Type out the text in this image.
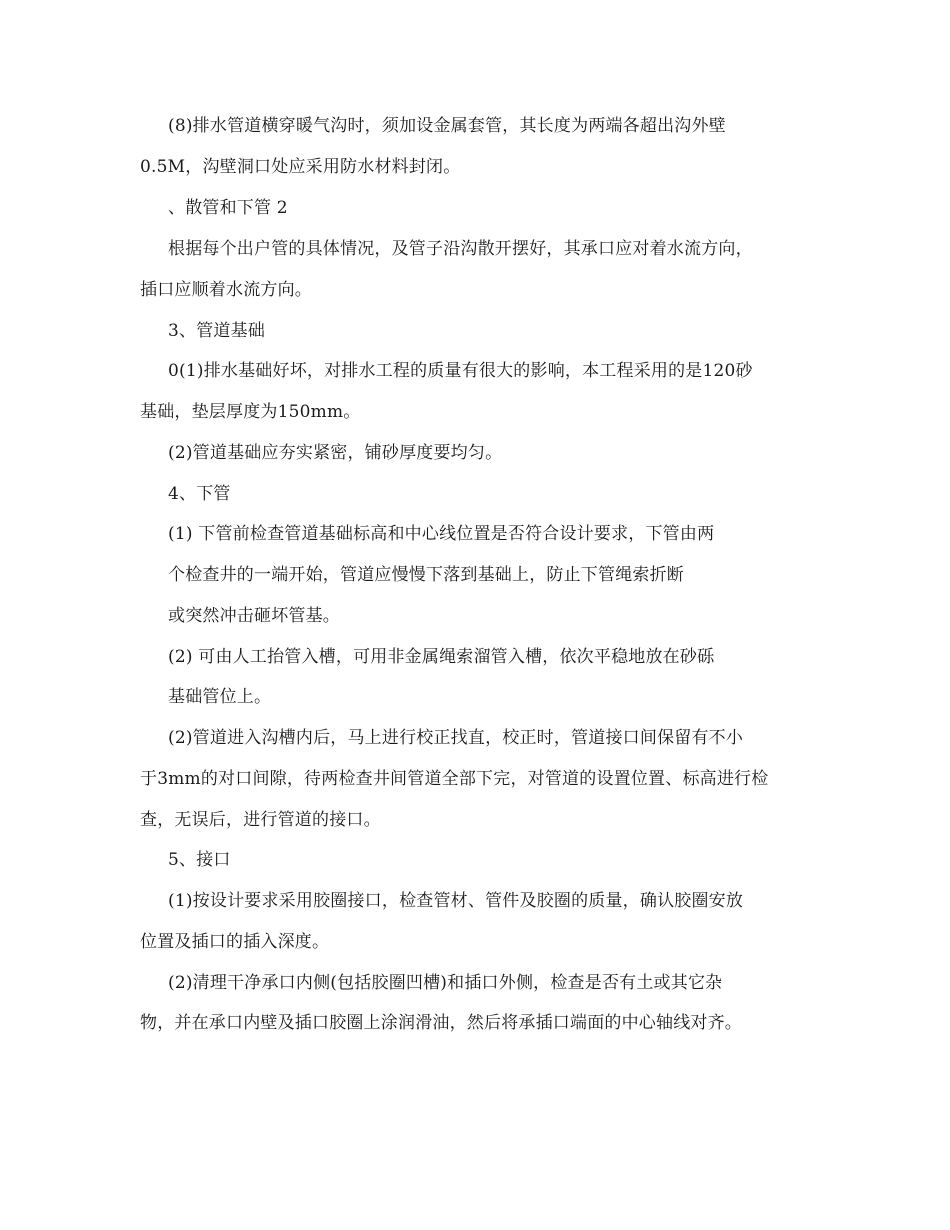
(8)排水管道横穿暖气沟时，须加设金属套管，其长度为两端各超出沟外壁
0.5M，沟壁洞口处应采用防水材料封闭。
、散管和下管 2
根据每个出户管的具体情况，及管子沿沟散开摆好，其承口应对着水流方向，
插口应顺着水流方向。
3、管道基础
0(1)排水基础好坏，对排水工程的质量有很大的影响，本工程采用的是120砂
基础，垫层厚度为150mm。
(2)管道基础应夯实紧密，铺砂厚度要均匀。
4、下管
(1) 下管前检查管道基础标高和中心线位置是否符合设计要求，下管由两
个检查井的一端开始，管道应慢慢下落到基础上，防止下管绳索折断
或突然冲击砸坏管基。
(2) 可由人工抬管入槽，可用非金属绳索溜管入槽，依次平稳地放在砂砾
基础管位上。
(2)管道进入沟槽内后，马上进行校正找直，校正时，管道接口间保留有不小
于3mm的对口间隙，待两检查井间管道全部下完，对管道的设置位置、标高进行检
查，无误后，进行管道的接口。
5、接口
(1)按设计要求采用胶圈接口，检查管材、管件及胶圈的质量，确认胶圈安放
位置及插口的插入深度。
(2)清理干净承口内侧(包括胶圈凹槽)和插口外侧，检查是否有土或其它杂
物，并在承口内壁及插口胶圈上涂润滑油，然后将承插口端面的中心轴线对齐。
